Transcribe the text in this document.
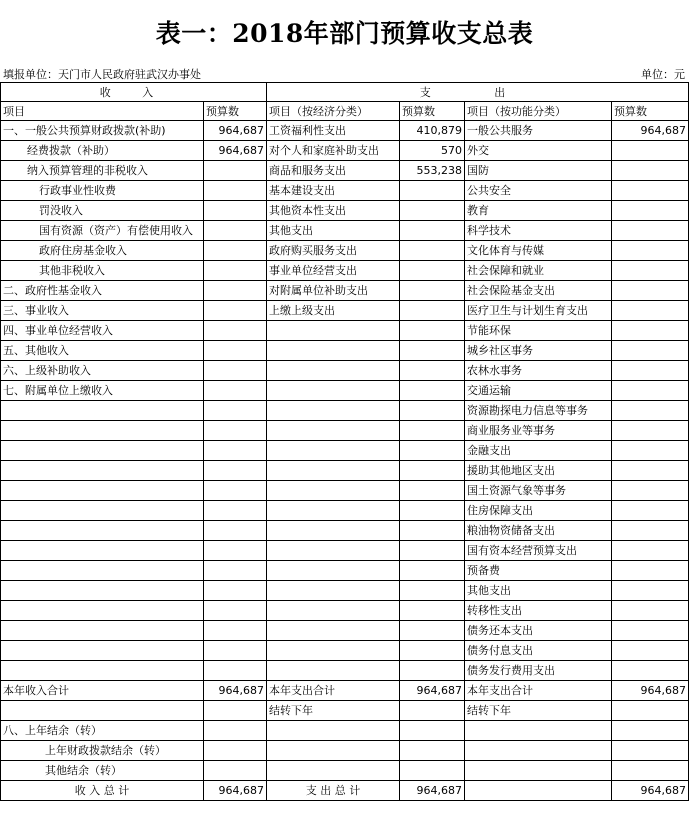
表一：2018年部门预算收支总表
填报单位：天门市人民政府驻武汉办事处	单位：元
收 入		支 出			
项目	预算数	项目（按经济分类）	预算数	项目（按功能分类）	预算数
一、一般公共预算财政拨款(补助)	964,687	工资福利性支出	410,879	一般公共服务	964,687
经费拨款（补助）	964,687	对个人和家庭补助支出	570	外交	
纳入预算管理的非税收入		商品和服务支出	553,238	国防	
行政事业性收费		基本建设支出		公共安全	
罚没收入		其他资本性支出		教育	
国有资源（资产）有偿使用收入		其他支出		科学技术	
政府住房基金收入		政府购买服务支出		文化体育与传媒	
其他非税收入		事业单位经营支出		社会保障和就业	
二、政府性基金收入		对附属单位补助支出		社会保险基金支出	
三、事业收入		上缴上级支出		医疗卫生与计划生育支出	
四、事业单位经营收入				节能环保	
五、其他收入				城乡社区事务	
六、上级补助收入				农林水事务	
七、附属单位上缴收入				交通运输	
				资源勘探电力信息等事务	
				商业服务业等事务	
				金融支出	
				援助其他地区支出	
				国土资源气象等事务	
				住房保障支出	
				粮油物资储备支出	
				国有资本经营预算支出	
				预备费	
				其他支出	
				转移性支出	
				债务还本支出	
				债务付息支出	
				债务发行费用支出	
本年收入合计	964,687	本年支出合计	964,687	本年支出合计	964,687
		结转下年		结转下年	
八、上年结余（转）					
上年财政拨款结余（转）					
其他结余（转）					
收 入 总 计	964,687	支 出 总 计	964,687		964,687
